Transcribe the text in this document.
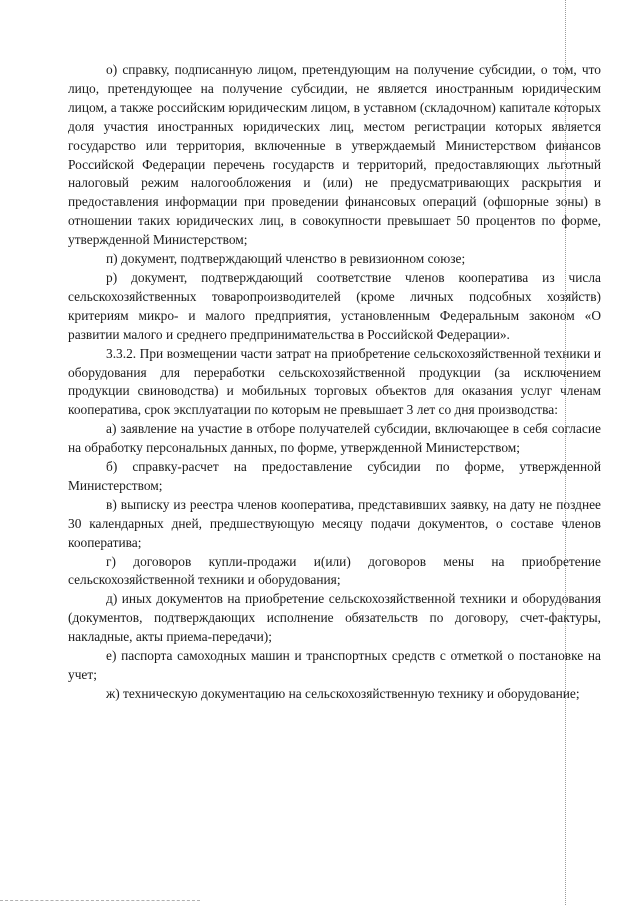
о) справку, подписанную лицом, претендующим на получение субсидии, о том, что лицо, претендующее на получение субсидии, не является иностранным юридическим лицом, а также российским юридическим лицом, в уставном (складочном) капитале которых доля участия иностранных юридических лиц, местом регистрации которых является государство или территория, включенные в утверждаемый Министерством финансов Российской Федерации перечень государств и территорий, предоставляющих льготный налоговый режим налогообложения и (или) не предусматривающих раскрытия и предоставления информации при проведении финансовых операций (офшорные зоны) в отношении таких юридических лиц, в совокупности превышает 50 процентов по форме, утвержденной Министерством;

п) документ, подтверждающий членство в ревизионном союзе;

р) документ, подтверждающий соответствие членов кооператива из числа сельскохозяйственных товаропроизводителей (кроме личных подсобных хозяйств) критериям микро- и малого предприятия, установленным Федеральным законом «О развитии малого и среднего предпринимательства в Российской Федерации».

3.3.2. При возмещении части затрат на приобретение сельскохозяйственной техники и оборудования для переработки сельскохозяйственной продукции (за исключением продукции свиноводства) и мобильных торговых объектов для оказания услуг членам кооператива, срок эксплуатации по которым не превышает 3 лет со дня производства:

а) заявление на участие в отборе получателей субсидии, включающее в себя согласие на обработку персональных данных, по форме, утвержденной Министерством;

б) справку-расчет на предоставление субсидии по форме, утвержденной Министерством;

в) выписку из реестра членов кооператива, представивших заявку, на дату не позднее 30 календарных дней, предшествующую месяцу подачи документов, о составе членов кооператива;

г) договоров купли-продажи и(или) договоров мены на приобретение сельскохозяйственной техники и оборудования;

д) иных документов на приобретение сельскохозяйственной техники и оборудования (документов, подтверждающих исполнение обязательств по договору, счет-фактуры, накладные, акты приема-передачи);

е) паспорта самоходных машин и транспортных средств с отметкой о постановке на учет;

ж) техническую документацию на сельскохозяйственную технику и оборудование;
